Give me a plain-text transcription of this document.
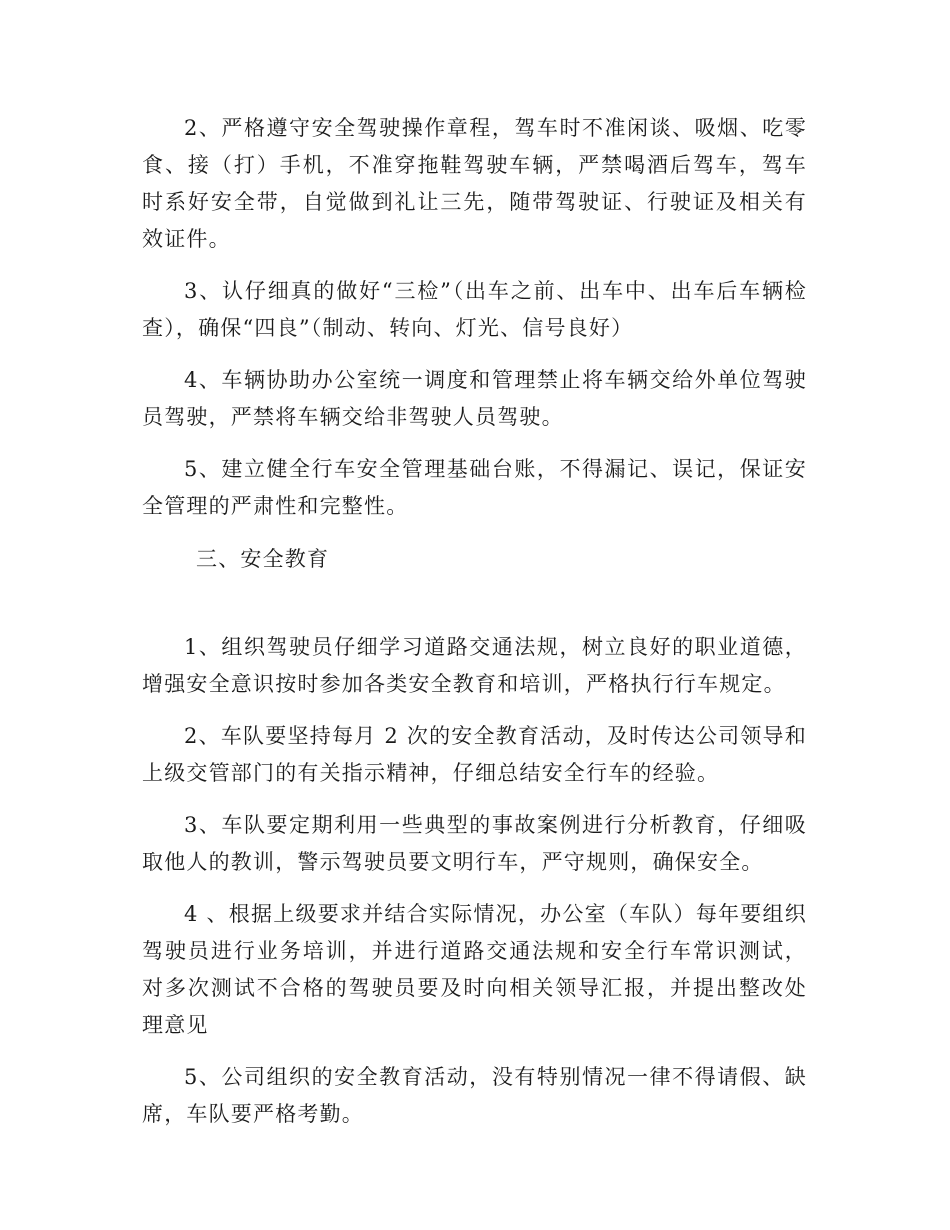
2、严格遵守安全驾驶操作章程，驾车时不准闲谈、吸烟、吃零食、接（打）手机，不准穿拖鞋驾驶车辆，严禁喝酒后驾车，驾车时系好安全带，自觉做到礼让三先，随带驾驶证、行驶证及相关有效证件。

3、认仔细真的做好“三检”（出车之前、出车中、出车后车辆检查），确保“四良”（制动、转向、灯光、信号良好）

4、车辆协助办公室统一调度和管理禁止将车辆交给外单位驾驶员驾驶，严禁将车辆交给非驾驶人员驾驶。

5、建立健全行车安全管理基础台账，不得漏记、误记，保证安全管理的严肃性和完整性。

三、安全教育

1、组织驾驶员仔细学习道路交通法规，树立良好的职业道德，增强安全意识按时参加各类安全教育和培训，严格执行行车规定。

2、车队要坚持每月 2 次的安全教育活动，及时传达公司领导和上级交管部门的有关指示精神，仔细总结安全行车的经验。

3、车队要定期利用一些典型的事故案例进行分析教育，仔细吸取他人的教训，警示驾驶员要文明行车，严守规则，确保安全。

4 、根据上级要求并结合实际情况，办公室（车队）每年要组织驾驶员进行业务培训，并进行道路交通法规和安全行车常识测试，对多次测试不合格的驾驶员要及时向相关领导汇报，并提出整改处理意见

5、公司组织的安全教育活动，没有特别情况一律不得请假、缺席，车队要严格考勤。
